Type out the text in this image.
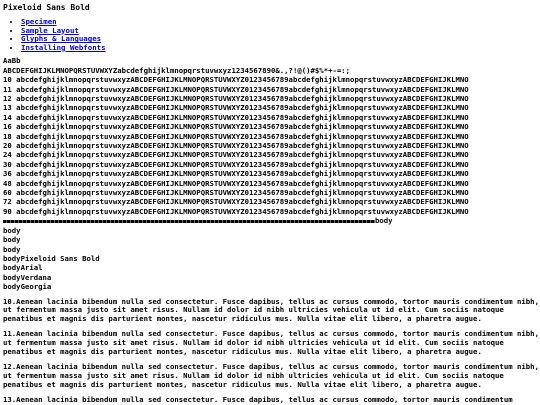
Pixeloid Sans Bold
• Specimen
• Sample Layout
• Glyphs & Languages
• Installing Webfonts
AaBb
ABCDEFGHIJKLMNOPQRSTUVWXYZabcdefghijklmnopqrstuvwxyz1234567890&.,?!@()#$%*+-=:;
10 abcdefghijklmnopqrstuvwxyzABCDEFGHIJKLMNOPQRSTUVWXYZ0123456789abcdefghijklmnopqrstuvwxyzABCDEFGHIJKLMNO
11 abcdefghijklmnopqrstuvwxyzABCDEFGHIJKLMNOPQRSTUVWXYZ0123456789abcdefghijklmnopqrstuvwxyzABCDEFGHIJKLMNO
12 abcdefghijklmnopqrstuvwxyzABCDEFGHIJKLMNOPQRSTUVWXYZ0123456789abcdefghijklmnopqrstuvwxyzABCDEFGHIJKLMNO
13 abcdefghijklmnopqrstuvwxyzABCDEFGHIJKLMNOPQRSTUVWXYZ0123456789abcdefghijklmnopqrstuvwxyzABCDEFGHIJKLMNO
14 abcdefghijklmnopqrstuvwxyzABCDEFGHIJKLMNOPQRSTUVWXYZ0123456789abcdefghijklmnopqrstuvwxyzABCDEFGHIJKLMNO
16 abcdefghijklmnopqrstuvwxyzABCDEFGHIJKLMNOPQRSTUVWXYZ0123456789abcdefghijklmnopqrstuvwxyzABCDEFGHIJKLMNO
18 abcdefghijklmnopqrstuvwxyzABCDEFGHIJKLMNOPQRSTUVWXYZ0123456789abcdefghijklmnopqrstuvwxyzABCDEFGHIJKLMNO
20 abcdefghijklmnopqrstuvwxyzABCDEFGHIJKLMNOPQRSTUVWXYZ0123456789abcdefghijklmnopqrstuvwxyzABCDEFGHIJKLMNO
24 abcdefghijklmnopqrstuvwxyzABCDEFGHIJKLMNOPQRSTUVWXYZ0123456789abcdefghijklmnopqrstuvwxyzABCDEFGHIJKLMNO
30 abcdefghijklmnopqrstuvwxyzABCDEFGHIJKLMNOPQRSTUVWXYZ0123456789abcdefghijklmnopqrstuvwxyzABCDEFGHIJKLMNO
36 abcdefghijklmnopqrstuvwxyzABCDEFGHIJKLMNOPQRSTUVWXYZ0123456789abcdefghijklmnopqrstuvwxyzABCDEFGHIJKLMNO
48 abcdefghijklmnopqrstuvwxyzABCDEFGHIJKLMNOPQRSTUVWXYZ0123456789abcdefghijklmnopqrstuvwxyzABCDEFGHIJKLMNO
60 abcdefghijklmnopqrstuvwxyzABCDEFGHIJKLMNOPQRSTUVWXYZ0123456789abcdefghijklmnopqrstuvwxyzABCDEFGHIJKLMNO
72 abcdefghijklmnopqrstuvwxyzABCDEFGHIJKLMNOPQRSTUVWXYZ0123456789abcdefghijklmnopqrstuvwxyzABCDEFGHIJKLMNO
90 abcdefghijklmnopqrstuvwxyzABCDEFGHIJKLMNOPQRSTUVWXYZ0123456789abcdefghijklmnopqrstuvwxyzABCDEFGHIJKLMNO
body
body
body
body
bodyPixeloid Sans Bold
bodyArial
bodyVerdana
bodyGeorgia

10.Aenean lacinia bibendum nulla sed consectetur. Fusce dapibus, tellus ac cursus commodo, tortor mauris condimentum nibh, ut fermentum massa justo sit amet risus. Nullam id dolor id nibh ultricies vehicula ut id elit. Cum sociis natoque penatibus et magnis dis parturient montes, nascetur ridiculus mus. Nulla vitae elit libero, a pharetra augue.

11.Aenean lacinia bibendum nulla sed consectetur. Fusce dapibus, tellus ac cursus commodo, tortor mauris condimentum nibh, ut fermentum massa justo sit amet risus. Nullam id dolor id nibh ultricies vehicula ut id elit. Cum sociis natoque penatibus et magnis dis parturient montes, nascetur ridiculus mus. Nulla vitae elit libero, a pharetra augue.

12.Aenean lacinia bibendum nulla sed consectetur. Fusce dapibus, tellus ac cursus commodo, tortor mauris condimentum nibh, ut fermentum massa justo sit amet risus. Nullam id dolor id nibh ultricies vehicula ut id elit. Cum sociis natoque penatibus et magnis dis parturient montes, nascetur ridiculus mus. Nulla vitae elit libero, a pharetra augue.

13.Aenean lacinia bibendum nulla sed consectetur. Fusce dapibus, tellus ac cursus commodo, tortor mauris condimentum
